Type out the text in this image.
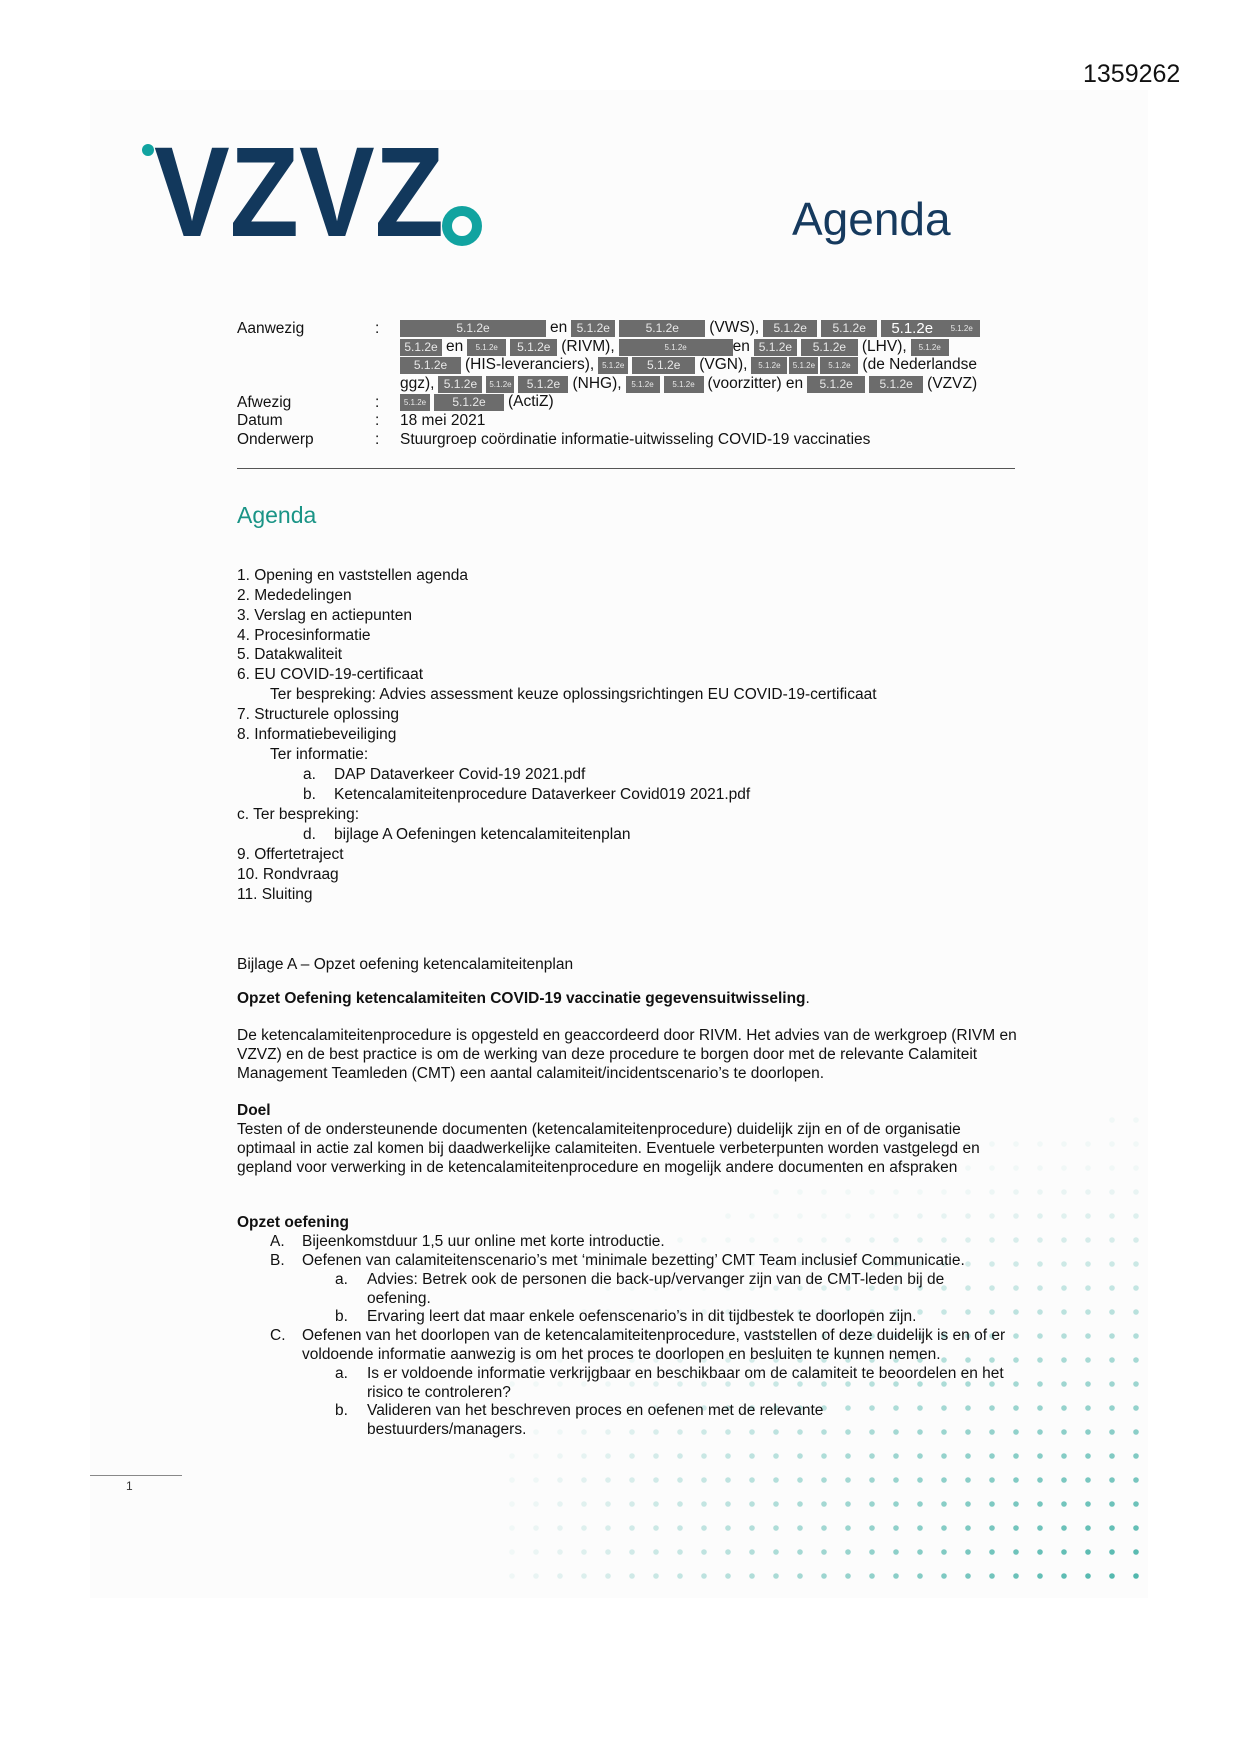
1359262
VZVZ	Agenda
Aanwezig	:	5.1.2e	en 5.1.2e	5.1.2e	(VWS),	5.1.2e	5.1.2e	5.1.2e	5.1.2e
5.1.2e en	5.1.2e	5.1.2e (RIVM),	5.1.2e	en 5.1.2e	5.1.2e	(LHV),	5.1.2e
5.1.2e	(HIS-leveranciers), 5.1.2e	5.1.2e	(VGN),	5.1.2e	5.1.2e	5.1.2e (de Nederlandse
ggz), 5.1.2e	5.1.2e	5.1.2e (NHG),	5.1.2e	5.1.2e (voorzitter) en	5.1.2e	5.1.2e (VZVZ)
Afwezig	:	5.1.2e	5.1.2e	(ActiZ)
Datum	: 18 mei 2021
Onderwerp	: Stuurgroep coördinatie informatie-uitwisseling COVID-19 vaccinaties
Agenda
1. Opening en vaststellen agenda
2. Mededelingen
3. Verslag en actiepunten
4. Procesinformatie
5. Datakwaliteit
6. EU COVID-19-certificaat
Ter bespreking: Advies assessment keuze oplossingsrichtingen EU COVID-19-certificaat
7. Structurele oplossing
8. Informatiebeveiliging
Ter informatie:
a. DAP Dataverkeer Covid-19 2021.pdf
b. Ketencalamiteitenprocedure Dataverkeer Covid019 2021.pdf
c. Ter bespreking:
d. bijlage A Oefeningen ketencalamiteitenplan
9. Offertetraject
10. Rondvraag
11. Sluiting
Bijlage A – Opzet oefening ketencalamiteitenplan
Opzet Oefening ketencalamiteiten COVID-19 vaccinatie gegevensuitwisseling.
De ketencalamiteitenprocedure is opgesteld en geaccordeerd door RIVM. Het advies van de werkgroep (RIVM en VZVZ) en de best practice is om de werking van deze procedure te borgen door met de relevante Calamiteit Management Teamleden (CMT) een aantal calamiteit/incidentscenario’s te doorlopen.
Doel
Testen of de ondersteunende documenten (ketencalamiteitenprocedure) duidelijk zijn en of de organisatie optimaal in actie zal komen bij daadwerkelijke calamiteiten. Eventuele verbeterpunten worden vastgelegd en gepland voor verwerking in de ketencalamiteitenprocedure en mogelijk andere documenten en afspraken
Opzet oefening
A. Bijeenkomstduur 1,5 uur online met korte introductie.
B. Oefenen van calamiteitenscenario’s met ‘minimale bezetting’ CMT Team inclusief Communicatie.
a. Advies: Betrek ook de personen die back-up/vervanger zijn van de CMT-leden bij de oefening.
b. Ervaring leert dat maar enkele oefenscenario’s in dit tijdbestek te doorlopen zijn.
C. Oefenen van het doorlopen van de ketencalamiteitenprocedure, vaststellen of deze duidelijk is en of er voldoende informatie aanwezig is om het proces te doorlopen en besluiten te kunnen nemen.
a. Is er voldoende informatie verkrijgbaar en beschikbaar om de calamiteit te beoordelen en het risico te controleren?
b. Valideren van het beschreven proces en oefenen met de relevante bestuurders/managers.
1
